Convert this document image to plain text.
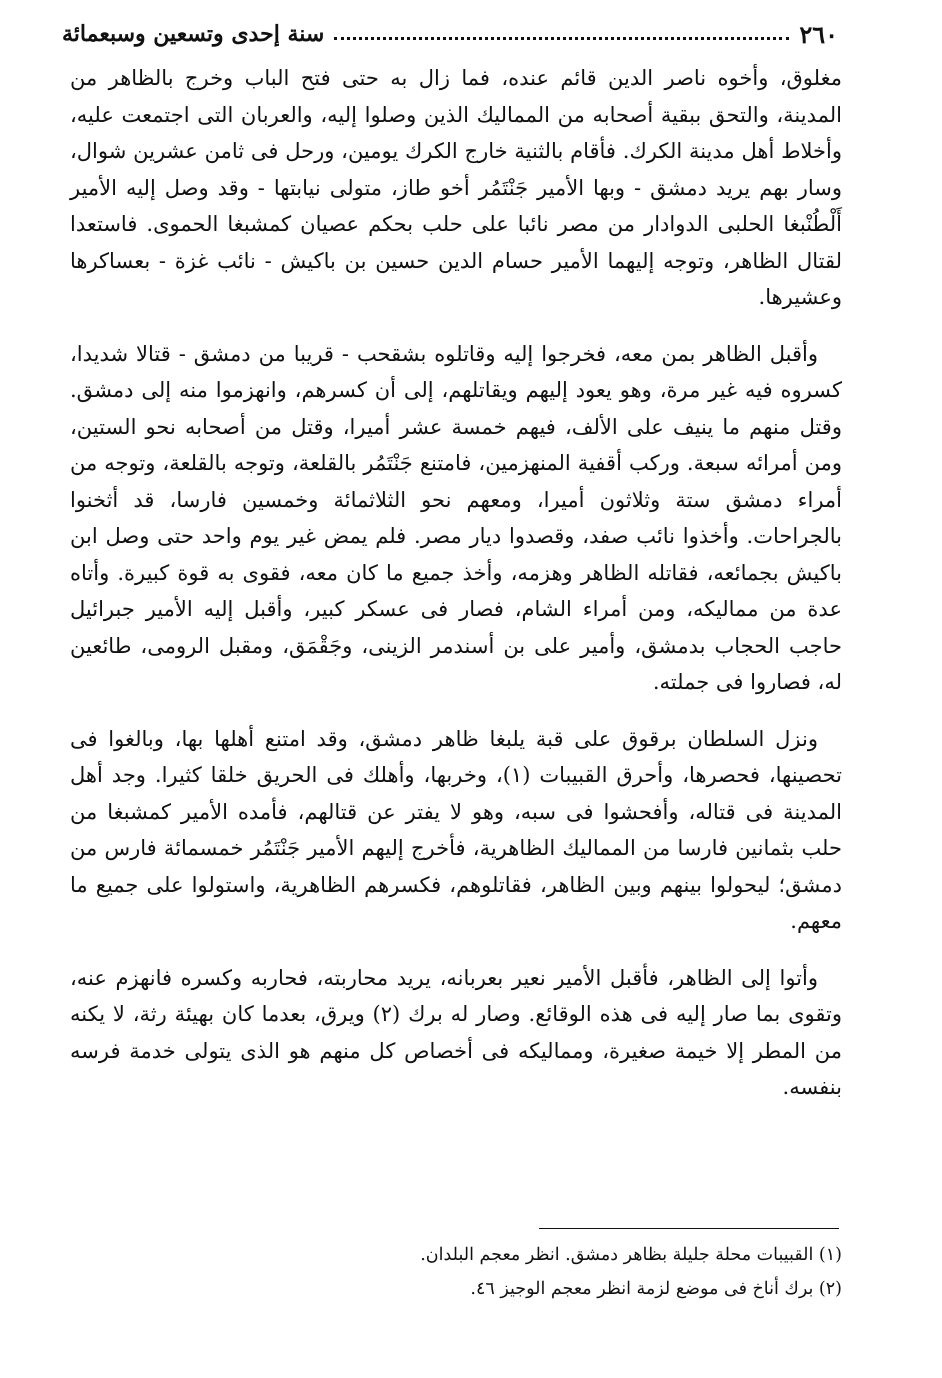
٢٦٠
سنة إحدى وتسعين وسبعمائة

مغلوق، وأخوه ناصر الدين قائم عنده، فما زال به حتى فتح الباب وخرج بالظاهر من المدينة، والتحق ببقية أصحابه من المماليك الذين وصلوا إليه، والعربان التى اجتمعت عليه، وأخلاط أهل مدينة الكرك. فأقام بالثنية خارج الكرك يومين، ورحل فى ثامن عشرين شوال، وسار بهم يريد دمشق - وبها الأمير جَنْتَمُر أخو طاز، متولى نيابتها - وقد وصل إليه الأمير أَلْطُنْبغا الحلبى الدوادار من مصر نائبا على حلب بحكم عصيان كمشبغا الحموى. فاستعدا لقتال الظاهر، وتوجه إليهما الأمير حسام الدين حسين بن باكيش - نائب غزة - بعساكرها وعشيرها.

وأقبل الظاهر بمن معه، فخرجوا إليه وقاتلوه بشقحب - قريبا من دمشق - قتالا شديدا، كسروه فيه غير مرة، وهو يعود إليهم ويقاتلهم، إلى أن كسرهم، وانهزموا منه إلى دمشق. وقتل منهم ما ينيف على الألف، فيهم خمسة عشر أميرا، وقتل من أصحابه نحو الستين، ومن أمرائه سبعة. وركب أقفية المنهزمين، فامتنع جَنْتَمُر بالقلعة، وتوجه بالقلعة، وتوجه من أمراء دمشق ستة وثلاثون أميرا، ومعهم نحو الثلاثمائة وخمسين فارسا، قد أثخنوا بالجراحات. وأخذوا نائب صفد، وقصدوا ديار مصر. فلم يمض غير يوم واحد حتى وصل ابن باكيش بجمائعه، فقاتله الظاهر وهزمه، وأخذ جميع ما كان معه، فقوى به قوة كبيرة. وأتاه عدة من مماليكه، ومن أمراء الشام، فصار فى عسكر كبير، وأقبل إليه الأمير جبرائيل حاجب الحجاب بدمشق، وأمير على بن أسندمر الزينى، وجَقْمَق، ومقبل الرومى، طائعين له، فصاروا فى جملته.

ونزل السلطان برقوق على قبة يلبغا ظاهر دمشق، وقد امتنع أهلها بها، وبالغوا فى تحصينها، فحصرها، وأحرق القبيبات (١)، وخربها، وأهلك فى الحريق خلقا كثيرا. وجد أهل المدينة فى قتاله، وأفحشوا فى سبه، وهو لا يفتر عن قتالهم، فأمده الأمير كمشبغا من حلب بثمانين فارسا من المماليك الظاهرية، فأخرج إليهم الأمير جَنْتَمُر خمسمائة فارس من دمشق؛ ليحولوا بينهم وبين الظاهر، فقاتلوهم، فكسرهم الظاهرية، واستولوا على جميع ما معهم.

وأتوا إلى الظاهر، فأقبل الأمير نعير بعربانه، يريد محاربته، فحاربه وكسره فانهزم عنه، وتقوى بما صار إليه فى هذه الوقائع. وصار له برك (٢) ويرق، بعدما كان بهيئة رثة، لا يكنه من المطر إلا خيمة صغيرة، ومماليكه فى أخصاص كل منهم هو الذى يتولى خدمة فرسه بنفسه.

(١) القبيبات محلة جليلة بظاهر دمشق. انظر معجم البلدان.

(٢) برك أناخ فى موضع لزمة انظر معجم الوجيز ٤٦.
